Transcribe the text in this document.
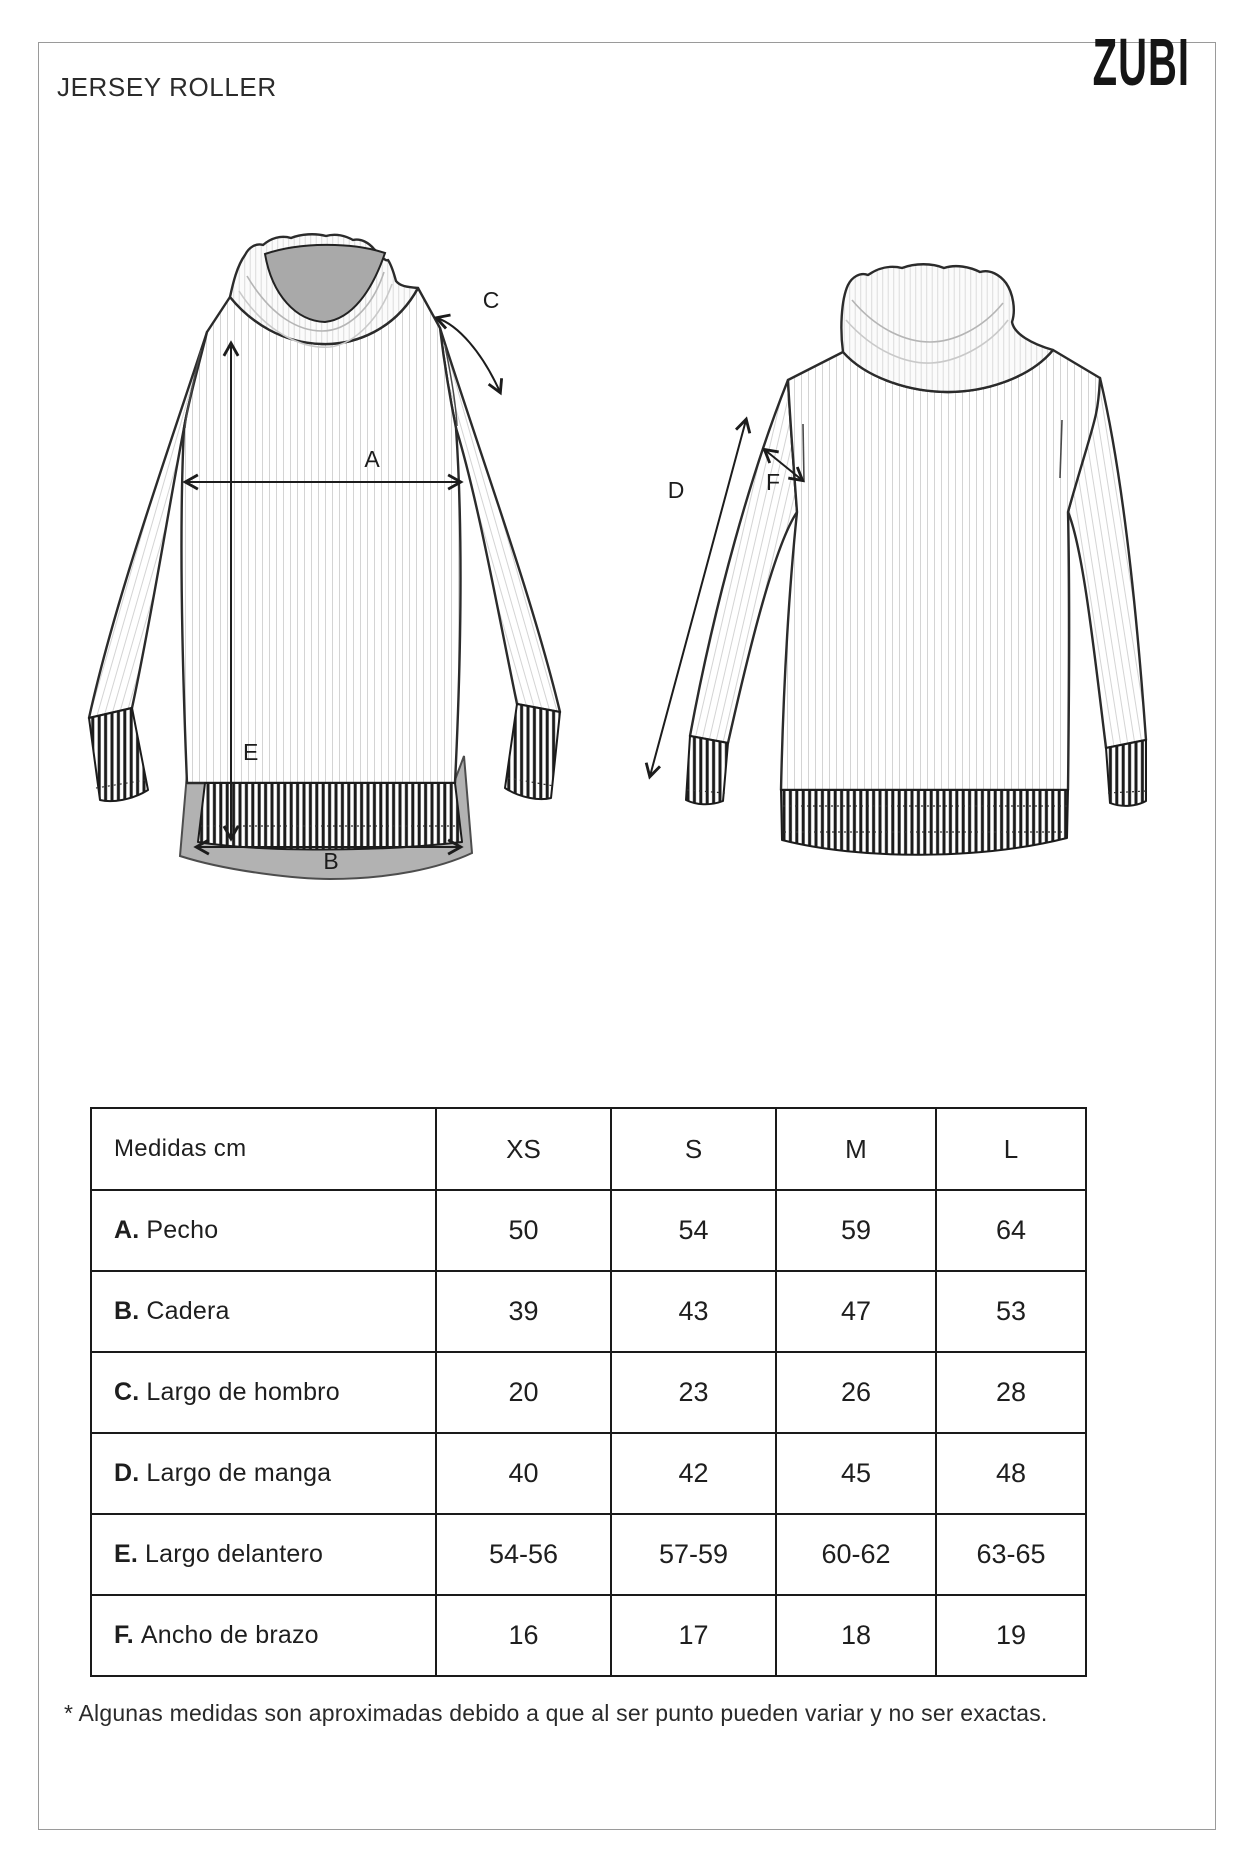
JERSEY ROLLER	ZUBI
A
E
B
C
D	F
Medidas cm	XS	S	M	L
A. Pecho	50	54	59	64
B. Cadera	39	43	47	53
C. Largo de hombro	20	23	26	28
D. Largo de manga	40	42	45	48
E. Largo delantero	54-56	57-59	60-62	63-65
F. Ancho de brazo	16	17	18	19
* Algunas medidas son aproximadas debido a que al ser punto pueden variar y no ser exactas.
